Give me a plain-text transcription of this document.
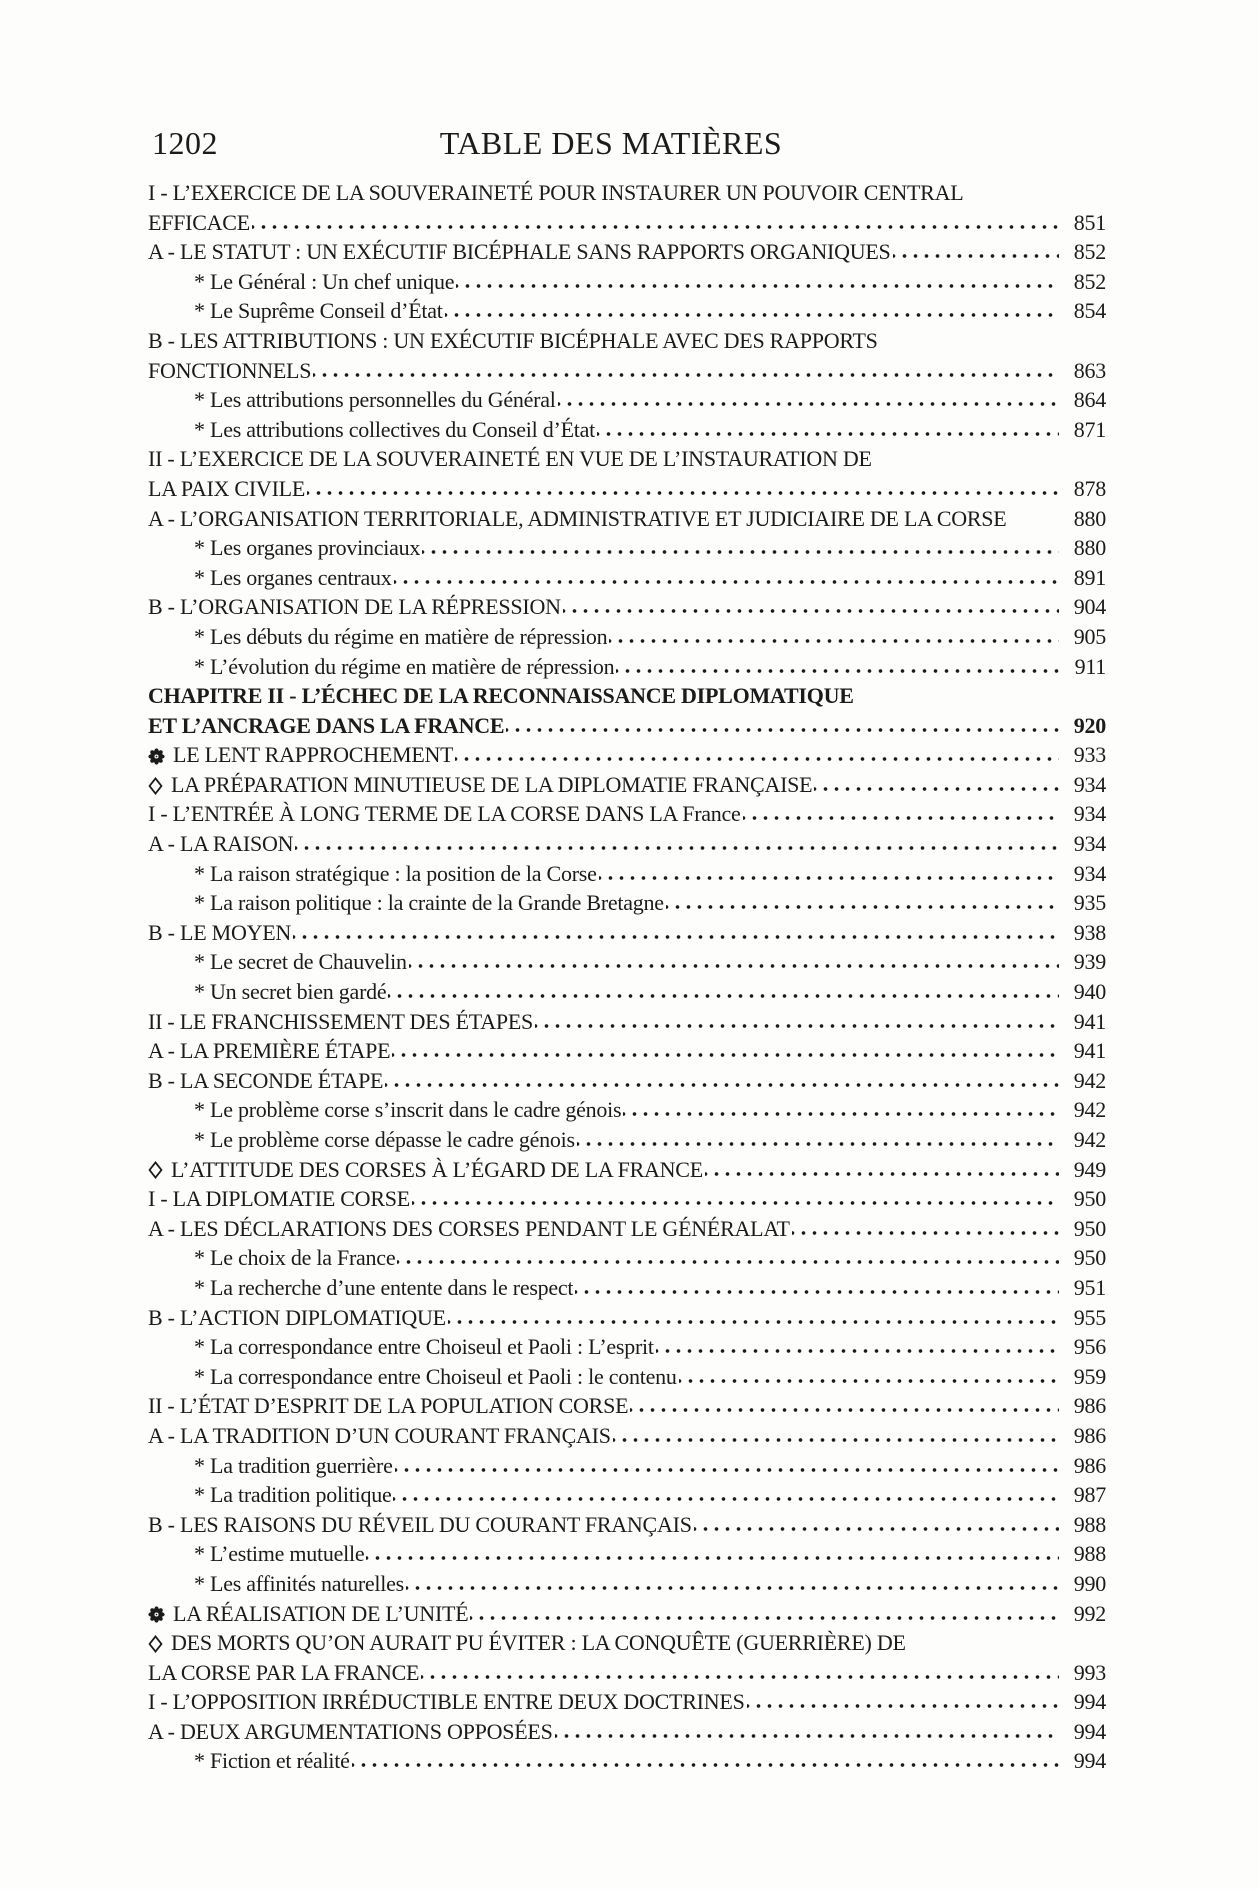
1202	TABLE DES MATIÈRES
I - L’EXERCICE DE LA SOUVERAINETÉ POUR INSTAURER UN POUVOIR CENTRAL
EFFICACE	851
A - LE STATUT : UN EXÉCUTIF BICÉPHALE SANS RAPPORTS ORGANIQUES	852
* Le Général : Un chef unique	852
* Le Suprême Conseil d’État	854
B - LES ATTRIBUTIONS : UN EXÉCUTIF BICÉPHALE AVEC DES RAPPORTS
FONCTIONNELS	863
* Les attributions personnelles du Général	864
* Les attributions collectives du Conseil d’État	871
II - L’EXERCICE DE LA SOUVERAINETÉ EN VUE DE L’INSTAURATION DE
LA PAIX CIVILE	878
A - L’ORGANISATION TERRITORIALE, ADMINISTRATIVE ET JUDICIAIRE DE LA CORSE	880
* Les organes provinciaux	880
* Les organes centraux	891
B - L’ORGANISATION DE LA RÉPRESSION	904
* Les débuts du régime en matière de répression	905
* L’évolution du régime en matière de répression	911
CHAPITRE II - L’ÉCHEC DE LA RECONNAISSANCE DIPLOMATIQUE
ET L’ANCRAGE DANS LA FRANCE	920
LE LENT RAPPROCHEMENT	933
LA PRÉPARATION MINUTIEUSE DE LA DIPLOMATIE FRANÇAISE	934
I - L’ENTRÉE À LONG TERME DE LA CORSE DANS LA France	934
A - LA RAISON	934
* La raison stratégique : la position de la Corse	934
* La raison politique : la crainte de la Grande Bretagne	935
B - LE MOYEN	938
* Le secret de Chauvelin	939
* Un secret bien gardé	940
II - LE FRANCHISSEMENT DES ÉTAPES	941
A - LA PREMIÈRE ÉTAPE	941
B - LA SECONDE ÉTAPE	942
* Le problème corse s’inscrit dans le cadre génois	942
* Le problème corse dépasse le cadre génois	942
L’ATTITUDE DES CORSES À L’ÉGARD DE LA FRANCE	949
I - LA DIPLOMATIE CORSE	950
A - LES DÉCLARATIONS DES CORSES PENDANT LE GÉNÉRALAT	950
* Le choix de la France	950
* La recherche d’une entente dans le respect	951
B - L’ACTION DIPLOMATIQUE	955
* La correspondance entre Choiseul et Paoli : L’esprit	956
* La correspondance entre Choiseul et Paoli : le contenu	959
II - L’ÉTAT D’ESPRIT DE LA POPULATION CORSE	986
A - LA TRADITION D’UN COURANT FRANÇAIS	986
* La tradition guerrière	986
* La tradition politique	987
B - LES RAISONS DU RÉVEIL DU COURANT FRANÇAIS	988
* L’estime mutuelle	988
* Les affinités naturelles	990
LA RÉALISATION DE L’UNITÉ	992
DES MORTS QU’ON AURAIT PU ÉVITER : LA CONQUÊTE (GUERRIÈRE) DE
LA CORSE PAR LA FRANCE	993
I - L’OPPOSITION IRRÉDUCTIBLE ENTRE DEUX DOCTRINES	994
A - DEUX ARGUMENTATIONS OPPOSÉES	994
* Fiction et réalité	994
